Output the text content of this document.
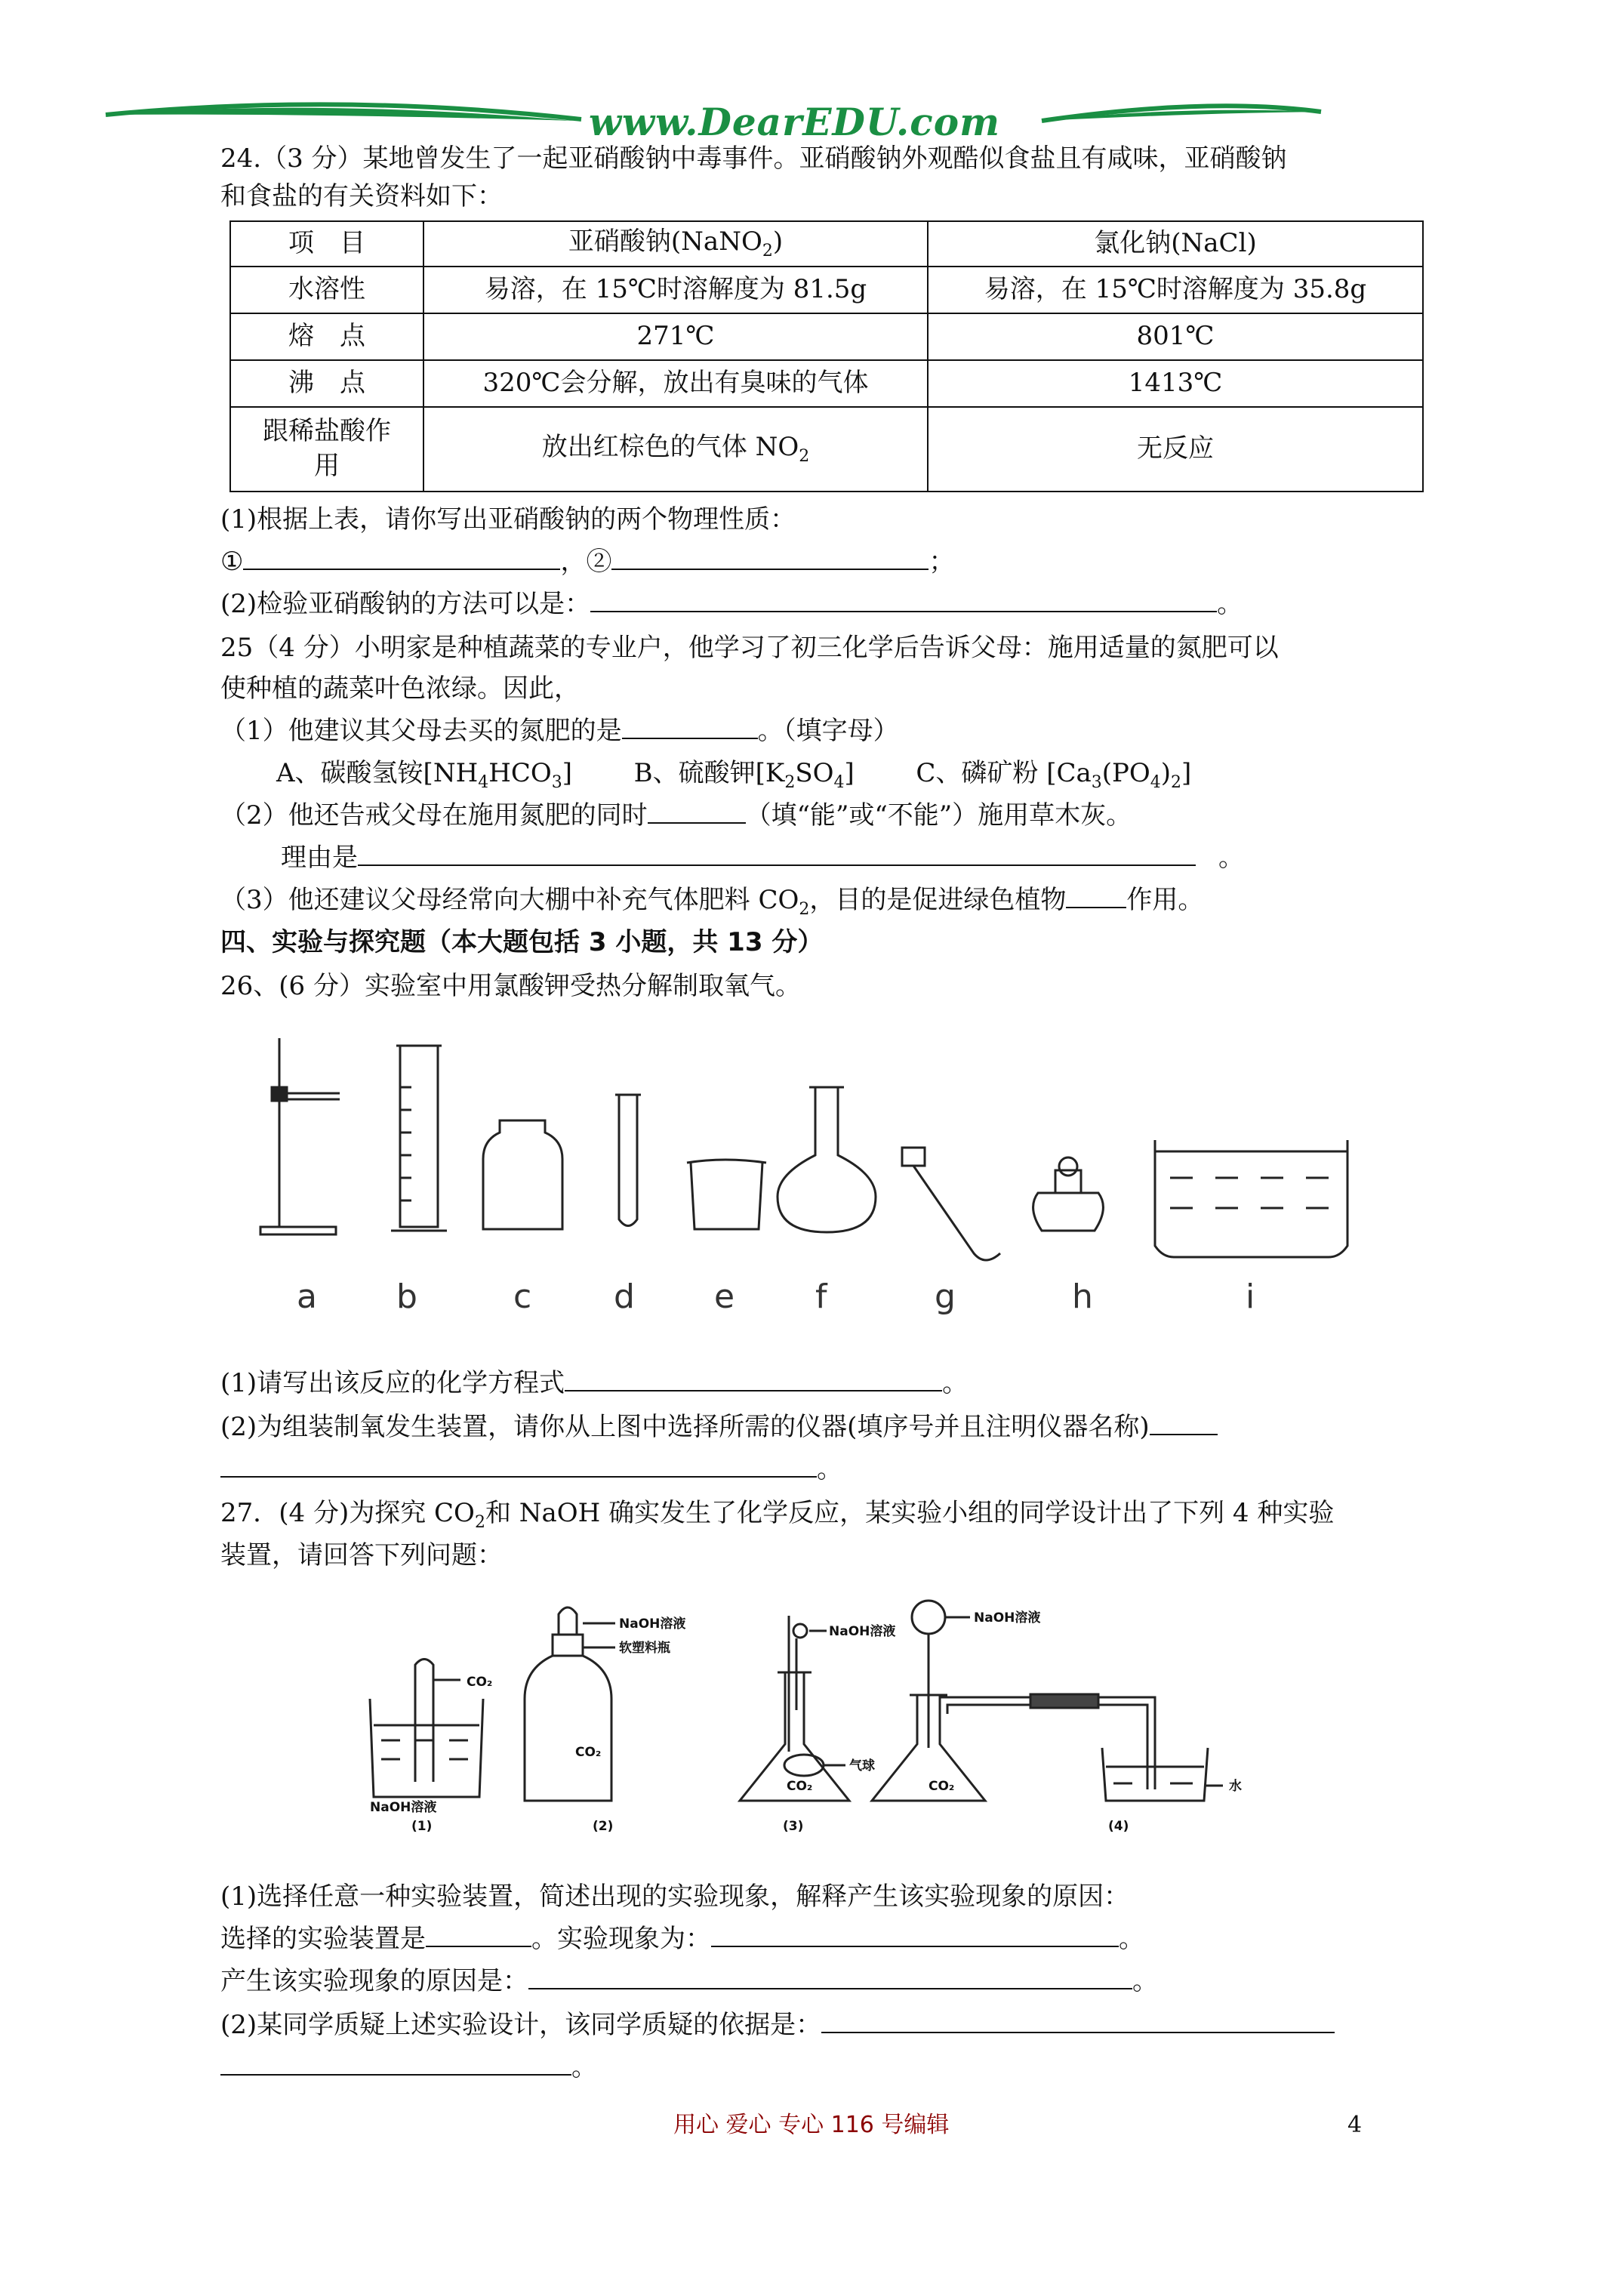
www.DearEDU.com
24.（3 分）某地曾发生了一起亚硝酸钠中毒事件。亚硝酸钠外观酷似食盐且有咸味，亚硝酸钠
和食盐的有关资料如下：
项　目	亚硝酸钠(NaNO$_2$)	氯化钠(NaCl)
水溶性	易溶，在 15℃时溶解度为 81.5g	易溶，在 15℃时溶解度为 35.8g
熔　点	271℃	801℃
沸　点	320℃会分解，放出有臭味的气体	1413℃

跟稀盐酸作
用	放出红棕色的气体 $NO_2$	无反应
(1)根据上表，请你写出亚硝酸钠的两个物理性质：
①	，②	；
(2)检验亚硝酸钠的方法可以是：	。
25（4 分）小明家是种植蔬菜的专业户，他学习了初三化学后告诉父母：施用适量的氮肥可以
使种植的蔬菜叶色浓绿。因此，
（1）他建议其父母去买的氮肥的是	。（填字母）
A、碳酸氢铵$[NH_4HCO_3]$ B、硫酸钾$[K_2SO_4]$ C、磷矿粉 $[Ca_3(PO_4)_2]$
（2）他还告戒父母在施用氮肥的同时	（填“能”或“不能”）施用草木灰。
理由是	。
（3）他还建议父母经常向大棚中补充气体肥料 $CO_2$，目的是促进绿色植物 作用。
四、实验与探究题（本大题包括 3 小题，共 13 分）
26、(6 分）实验室中用氯酸钾受热分解制取氧气。
a b	c d e f	g	h	i
(1)请写出该反应的化学方程式	。
(2)为组装制氧发生装置，请你从上图中选择所需的仪器(填序号并且注明仪器名称)
。
27．(4 分)为探究 $CO_2$和 NaOH 确实发生了化学反应，某实验小组的同学设计出了下列 4 种实验
装置，请回答下列问题：
CO₂
NaOH溶液
CO₂
NaOH溶液
软塑料瓶
NaOH溶液
气球
CO₂
NaOH溶液
CO₂	水
(1)	(2)	(3)	(4)
(1)选择任意一种实验装置，简述出现的实验现象，解释产生该实验现象的原因：
选择的实验装置是	。实验现象为：	。
产生该实验现象的原因是：	。
(2)某同学质疑上述实验设计，该同学质疑的依据是：
。
用心 爱心 专心 116 号编辑	4
